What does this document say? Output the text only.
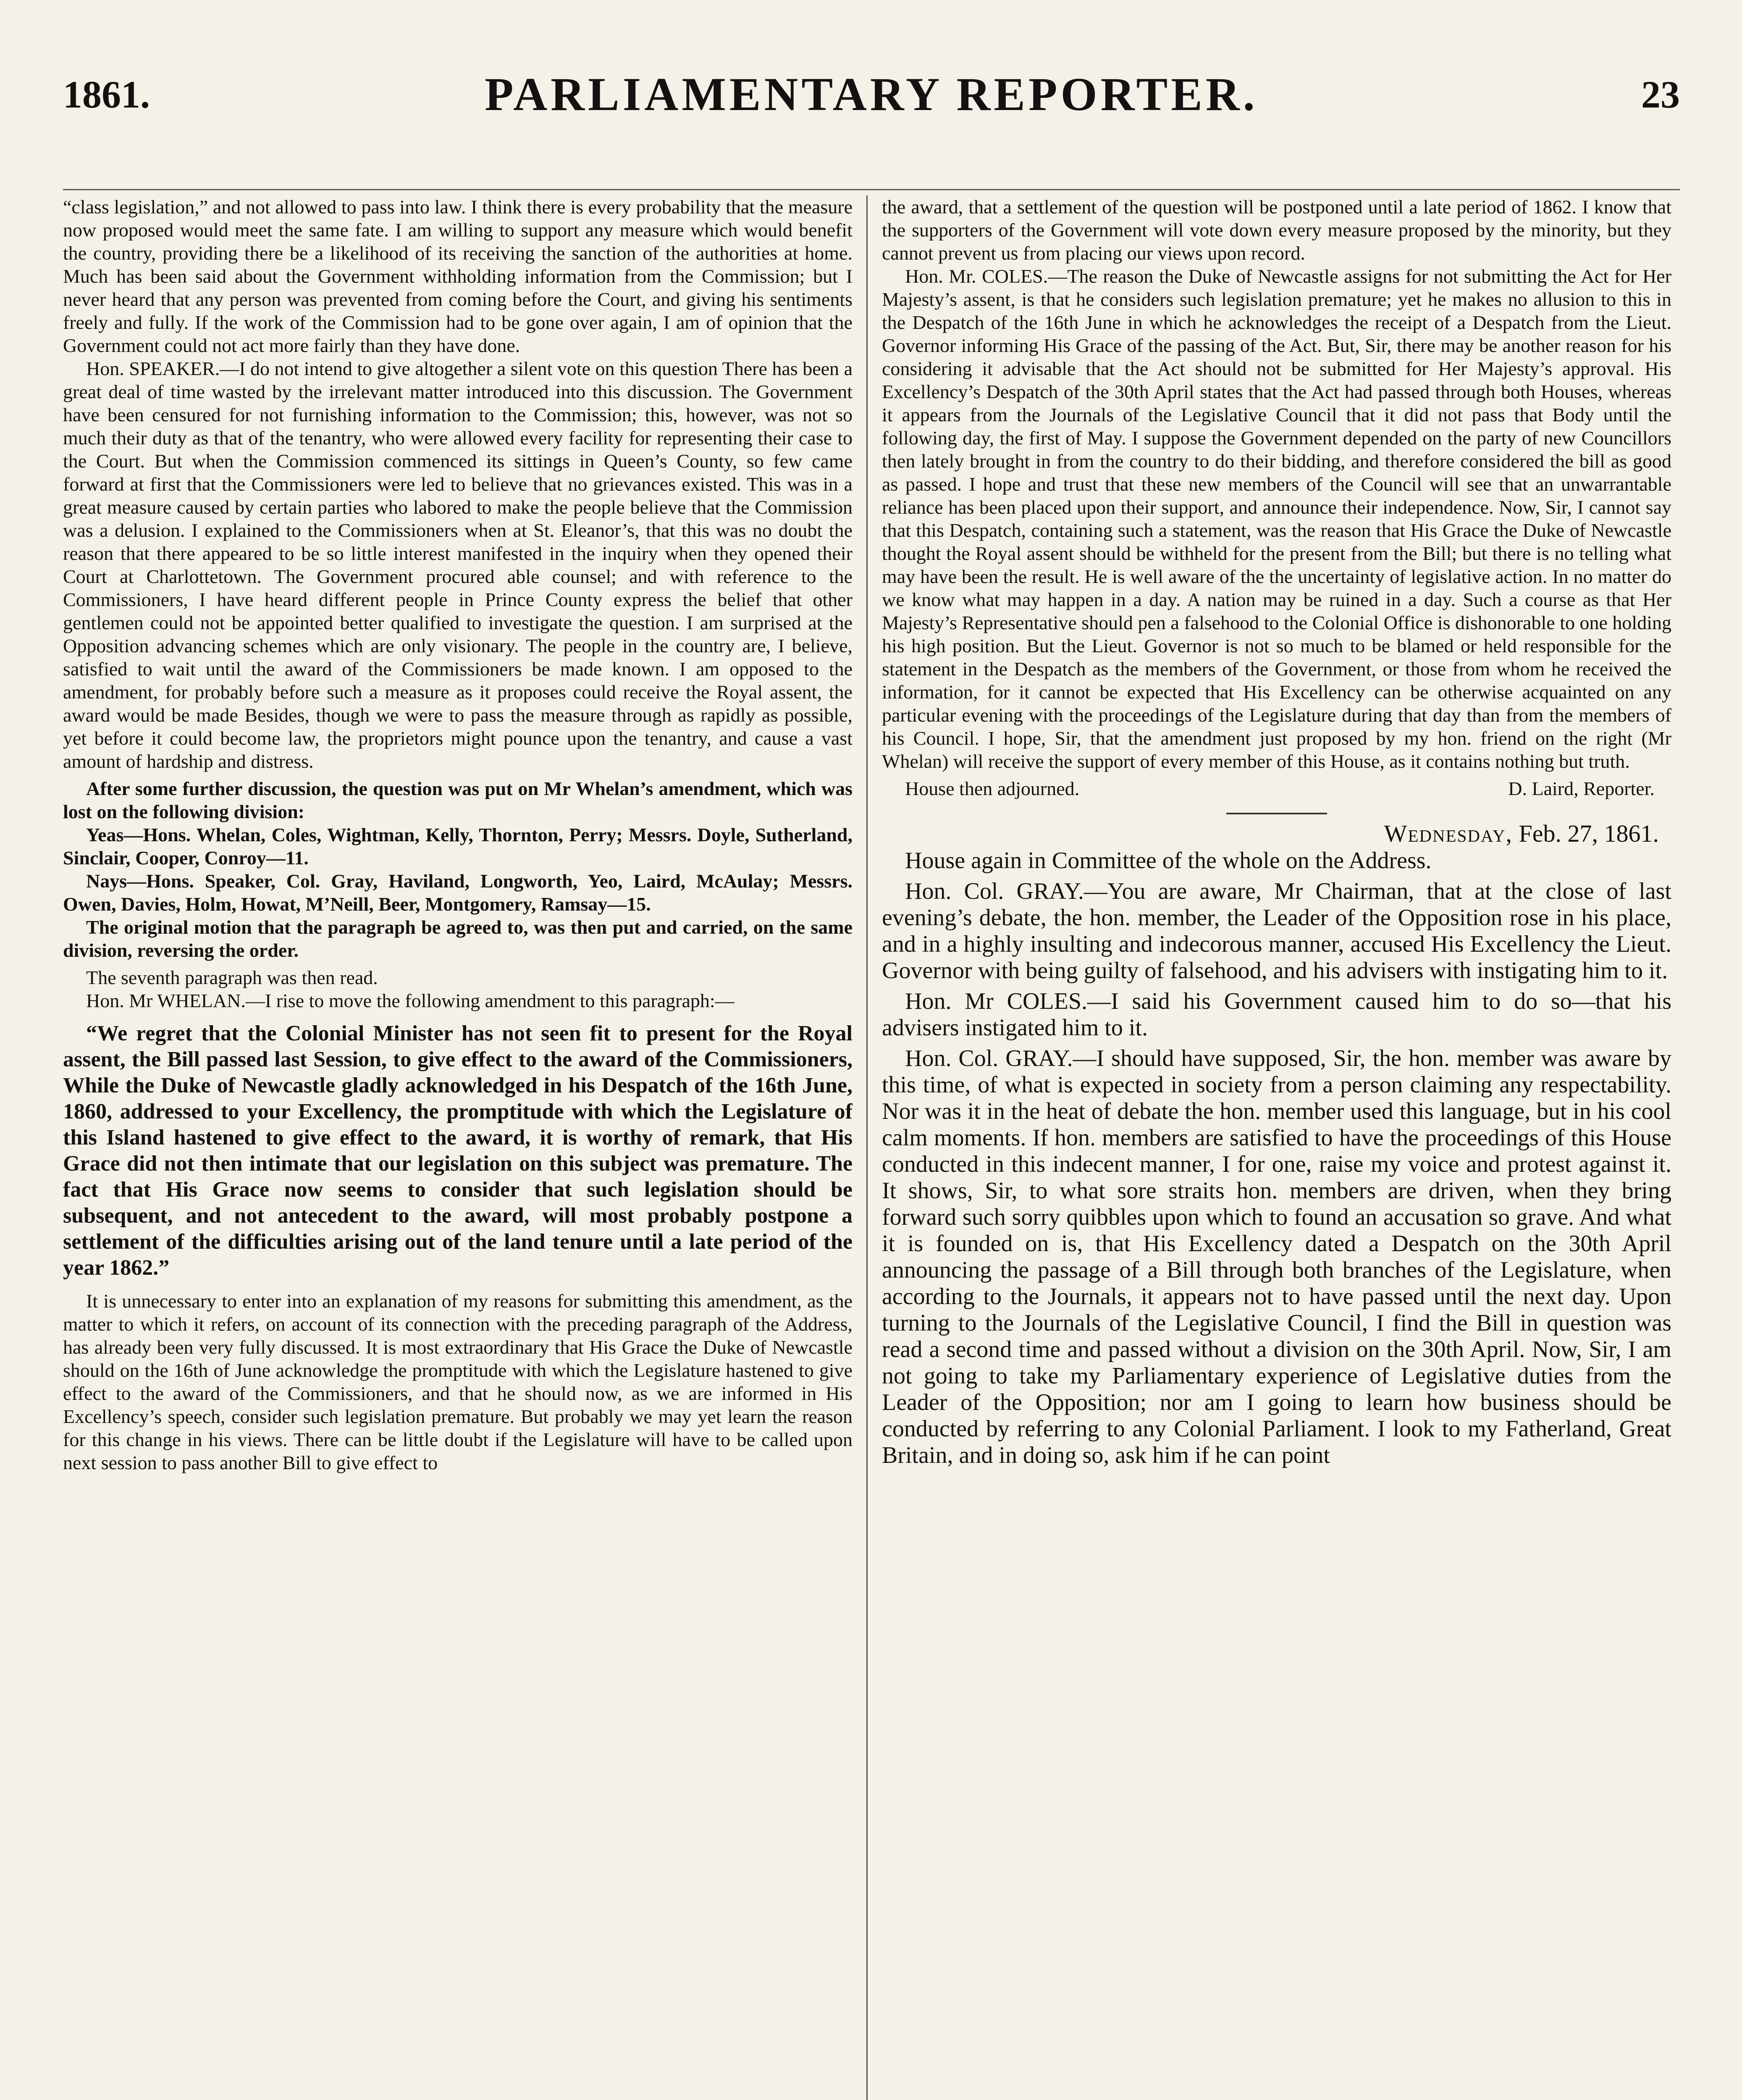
1861.	PARLIAMENTARY REPORTER.	23

“class legislation,” and not allowed to pass into law. I think there is every probability that the measure now proposed would meet the same fate. I am willing to support any measure which would benefit the country, providing there be a likelihood of its receiving the sanction of the authorities at home. Much has been said about the Government withholding information from the Commission; but I never heard that any person was prevented from coming before the Court, and giving his sentiments freely and fully. If the work of the Commission had to be gone over again, I am of opinion that the Government could not act more fairly than they have done.

Hon. SPEAKER.—I do not intend to give altogether a silent vote on this question There has been a great deal of time wasted by the irrelevant matter introduced into this discussion. The Government have been censured for not furnishing information to the Commission; this, however, was not so much their duty as that of the tenantry, who were allowed every facility for representing their case to the Court. But when the Commission commenced its sittings in Queen’s County, so few came forward at first that the Commissioners were led to believe that no grievances existed. This was in a great measure caused by certain parties who labored to make the people believe that the Commission was a delusion. I explained to the Commissioners when at St. Eleanor’s, that this was no doubt the reason that there appeared to be so little interest manifested in the inquiry when they opened their Court at Charlottetown. The Government procured able counsel; and with reference to the Commissioners, I have heard different people in Prince County express the belief that other gentlemen could not be appointed better qualified to investigate the question. I am surprised at the Opposition advancing schemes which are only visionary. The people in the country are, I believe, satisfied to wait until the award of the Commissioners be made known. I am opposed to the amendment, for probably before such a measure as it proposes could receive the Royal assent, the award would be made Besides, though we were to pass the measure through as rapidly as possible, yet before it could become law, the proprietors might pounce upon the tenantry, and cause a vast amount of hardship and distress.

After some further discussion, the question was put on Mr Whelan’s amendment, which was lost on the following division:

Yeas—Hons. Whelan, Coles, Wightman, Kelly, Thornton, Perry; Messrs. Doyle, Sutherland, Sinclair, Cooper, Conroy—11.

Nays—Hons. Speaker, Col. Gray, Haviland, Longworth, Yeo, Laird, McAulay; Messrs. Owen, Davies, Holm, Howat, M’Neill, Beer, Montgomery, Ramsay—15.

The original motion that the paragraph be agreed to, was then put and carried, on the same division, reversing the order.

The seventh paragraph was then read.

Hon. Mr WHELAN.—I rise to move the following amendment to this paragraph:—

“We regret that the Colonial Minister has not seen fit to present for the Royal assent, the Bill passed last Session, to give effect to the award of the Commissioners, While the Duke of Newcastle gladly acknowledged in his Despatch of the 16th June, 1860, addressed to your Excellency, the promptitude with which the Legislature of this Island hastened to give effect to the award, it is worthy of remark, that His Grace did not then intimate that our legislation on this subject was premature. The fact that His Grace now seems to consider that such legislation should be subsequent, and not antecedent to the award, will most probably postpone a settlement of the difficulties arising out of the land tenure until a late period of the year 1862.”

It is unnecessary to enter into an explanation of my reasons for submitting this amendment, as the matter to which it refers, on account of its connection with the preceding paragraph of the Address, has already been very fully discussed. It is most extraordinary that His Grace the Duke of Newcastle should on the 16th of June acknowledge the promptitude with which the Legislature hastened to give effect to the award of the Commissioners, and that he should now, as we are informed in His Excellency’s speech, consider such legislation premature. But probably we may yet learn the reason for this change in his views. There can be little doubt if the Legislature will have to be called upon next session to pass another Bill to give effect to

the award, that a settlement of the question will be postponed until a late period of 1862. I know that the supporters of the Government will vote down every measure proposed by the minority, but they cannot prevent us from placing our views upon record.

Hon. Mr. COLES.—The reason the Duke of Newcastle assigns for not submitting the Act for Her Majesty’s assent, is that he considers such legislation premature; yet he makes no allusion to this in the Despatch of the 16th June in which he acknowledges the receipt of a Despatch from the Lieut. Governor informing His Grace of the passing of the Act. But, Sir, there may be another reason for his considering it advisable that the Act should not be submitted for Her Majesty’s approval. His Excellency’s Despatch of the 30th April states that the Act had passed through both Houses, whereas it appears from the Journals of the Legislative Council that it did not pass that Body until the following day, the first of May. I suppose the Government depended on the party of new Councillors then lately brought in from the country to do their bidding, and therefore considered the bill as good as passed. I hope and trust that these new members of the Council will see that an unwarrantable reliance has been placed upon their support, and announce their independence. Now, Sir, I cannot say that this Despatch, containing such a statement, was the reason that His Grace the Duke of Newcastle thought the Royal assent should be withheld for the present from the Bill; but there is no telling what may have been the result. He is well aware of the the uncertainty of legislative action. In no matter do we know what may happen in a day. A nation may be ruined in a day. Such a course as that Her Majesty’s Representative should pen a falsehood to the Colonial Office is dishonorable to one holding his high position. But the Lieut. Governor is not so much to be blamed or held responsible for the statement in the Despatch as the members of the Government, or those from whom he received the information, for it cannot be expected that His Excellency can be otherwise acquainted on any particular evening with the proceedings of the Legislature during that day than from the members of his Council. I hope, Sir, that the amendment just proposed by my hon. friend on the right (Mr Whelan) will receive the support of every member of this House, as it contains nothing but truth.

House then adjourned.	D. Laird, Reporter.
Wednesday, Feb. 27, 1861.

House again in Committee of the whole on the Address.

Hon. Col. GRAY.—You are aware, Mr Chairman, that at the close of last evening’s debate, the hon. member, the Leader of the Opposition rose in his place, and in a highly insulting and indecorous manner, accused His Excellency the Lieut. Governor with being guilty of falsehood, and his advisers with instigating him to it.

Hon. Mr COLES.—I said his Government caused him to do so—that his advisers instigated him to it.

Hon. Col. GRAY.—I should have supposed, Sir, the hon. member was aware by this time, of what is expected in society from a person claiming any respectability. Nor was it in the heat of debate the hon. member used this language, but in his cool calm moments. If hon. members are satisfied to have the proceedings of this House conducted in this indecent manner, I for one, raise my voice and protest against it. It shows, Sir, to what sore straits hon. members are driven, when they bring forward such sorry quibbles upon which to found an accusation so grave. And what it is founded on is, that His Excellency dated a Despatch on the 30th April announcing the passage of a Bill through both branches of the Legislature, when according to the Journals, it appears not to have passed until the next day. Upon turning to the Journals of the Legislative Council, I find the Bill in question was read a second time and passed without a division on the 30th April. Now, Sir, I am not going to take my Parliamentary experience of Legislative duties from the Leader of the Opposition; nor am I going to learn how business should be conducted by referring to any Colonial Parliament. I look to my Fatherland, Great Britain, and in doing so, ask him if he can point
